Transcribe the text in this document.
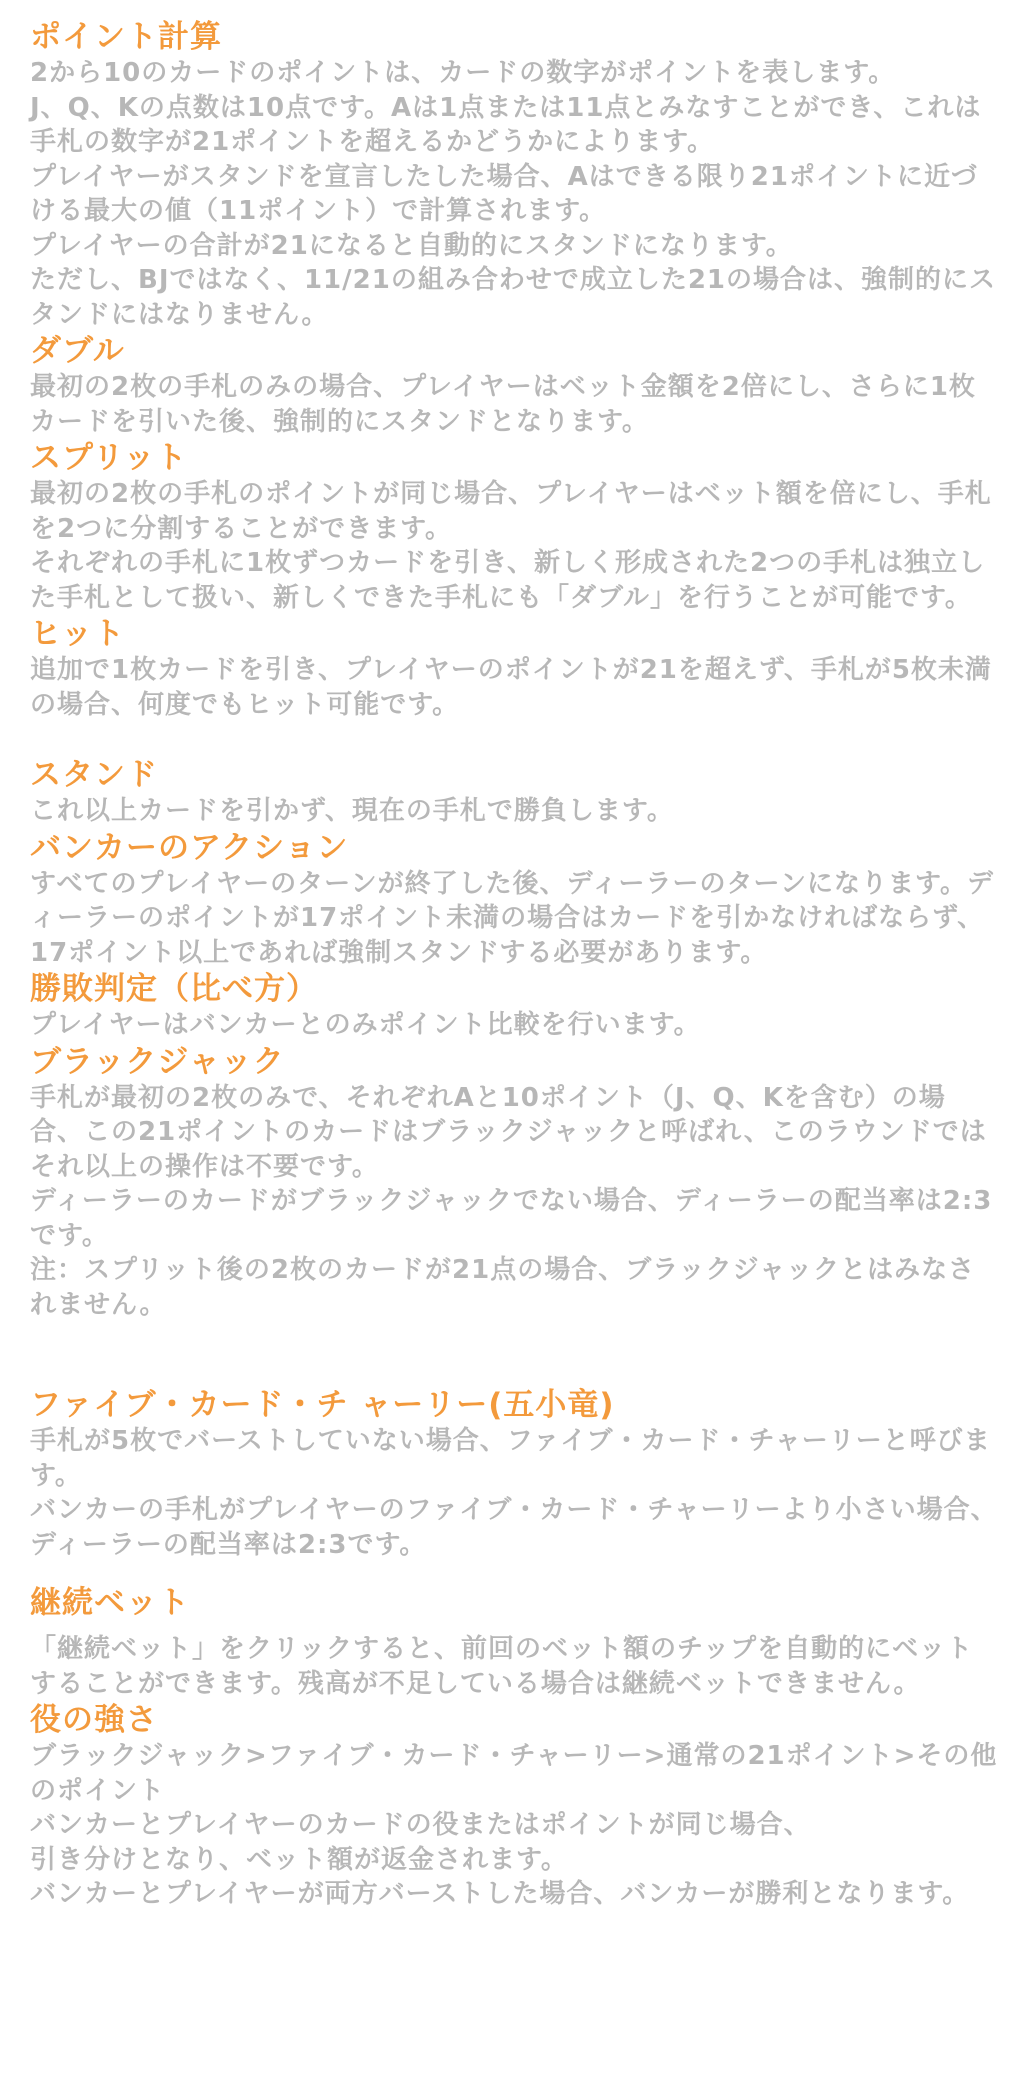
ポイント計算
2から10のカードのポイントは、カードの数字がポイントを表します。
J、Q、Kの点数は10点です。Aは1点または11点とみなすことができ、これは手札の数字が21ポイントを超えるかどうかによります。
プレイヤーがスタンドを宣言したした場合、Aはできる限り21ポイントに近づける最大の値（11ポイント）で計算されます。
プレイヤーの合計が21になると自動的にスタンドになります。
ただし、BJではなく、11/21の組み合わせで成立した21の場合は、強制的にスタンドにはなりません。
ダブル
最初の2枚の手札のみの場合、プレイヤーはベット金額を2倍にし、さらに1枚カードを引いた後、強制的にスタンドとなります。
スプリット
最初の2枚の手札のポイントが同じ場合、プレイヤーはベット額を倍にし、手札を2つに分割することができます。
それぞれの手札に1枚ずつカードを引き、新しく形成された2つの手札は独立した手札として扱い、新しくできた手札にも「ダブル」を行うことが可能です。
ヒット
追加で1枚カードを引き、プレイヤーのポイントが21を超えず、手札が5枚未満の場合、何度でもヒット可能です。
スタンド
これ以上カードを引かず、現在の手札で勝負します。
バンカーのアクション
すべてのプレイヤーのターンが終了した後、ディーラーのターンになります。ディーラーのポイントが17ポイント未満の場合はカードを引かなければならず、17ポイント以上であれば強制スタンドする必要があります。
勝敗判定（比べ方）
プレイヤーはバンカーとのみポイント比較を行います。
ブラックジャック
手札が最初の2枚のみで、それぞれAと10ポイント（J、Q、Kを含む）の場合、この21ポイントのカードはブラックジャックと呼ばれ、このラウンドではそれ以上の操作は不要です。
ディーラーのカードがブラックジャックでない場合、ディーラーの配当率は2:3です。
注：スプリット後の2枚のカードが21点の場合、ブラックジャックとはみなされません。
ファイブ・カード・チ ャーリー(五小竜)
手札が5枚でバーストしていない場合、ファイブ・カード・チャーリーと呼びます。
バンカーの手札がプレイヤーのファイブ・カード・チャーリーより小さい場合、ディーラーの配当率は2:3です。
継続ベット
「継続ベット」をクリックすると、前回のベット額のチップを自動的にベットすることができます。残高が不足している場合は継続ベットできません。
役の強さ
ブラックジャック>ファイブ・カード・チャーリー>通常の21ポイント>その他のポイント
バンカーとプレイヤーのカードの役またはポイントが同じ場合、
引き分けとなり、ベット額が返金されます。
バンカーとプレイヤーが両方バーストした場合、バンカーが勝利となります。
